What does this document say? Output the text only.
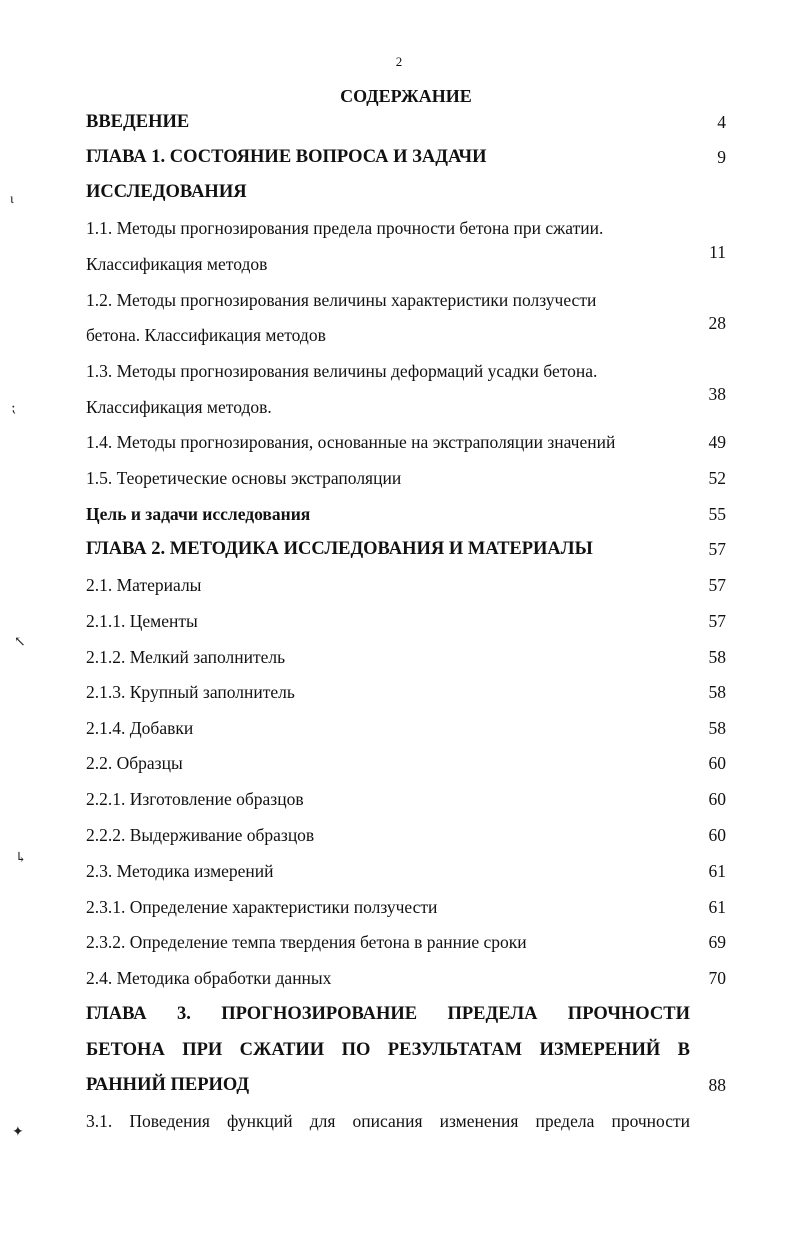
2
СОДЕРЖАНИЕ
ɩ
⁏
↖
↳
✦
ВВЕДЕНИЕ	4
ГЛАВА 1. СОСТОЯНИЕ ВОПРОСА И ЗАДАЧИ
ИССЛЕДОВАНИЯ
9
1.1. Методы прогнозирования предела прочности бетона при сжатии.
Классификация методов
11
1.2. Методы прогнозирования величины характеристики ползучести
бетона. Классификация методов
28
1.3. Методы прогнозирования величины деформаций усадки бетона.
Классификация методов.
38
1.4. Методы прогнозирования, основанные на экстраполяции значений	49
1.5. Теоретические основы экстраполяции	52
Цель и задачи исследования	55
ГЛАВА 2. МЕТОДИКА ИССЛЕДОВАНИЯ И МАТЕРИАЛЫ	57
2.1. Материалы	57
2.1.1. Цементы	57
2.1.2. Мелкий заполнитель	58
2.1.3. Крупный заполнитель	58
2.1.4. Добавки	58
2.2. Образцы	60
2.2.1. Изготовление образцов	60
2.2.2. Выдерживание образцов	60
2.3. Методика измерений	61
2.3.1. Определение характеристики ползучести	61
2.3.2. Определение темпа твердения бетона в ранние сроки	69
2.4. Методика обработки данных	70
ГЛАВА 3. ПРОГНОЗИРОВАНИЕ ПРЕДЕЛА ПРОЧНОСТИ
БЕТОНА ПРИ СЖАТИИ ПО РЕЗУЛЬТАТАМ ИЗМЕРЕНИЙ В
РАННИЙ ПЕРИОД	88
3.1. Поведения функций для описания изменения предела прочности
